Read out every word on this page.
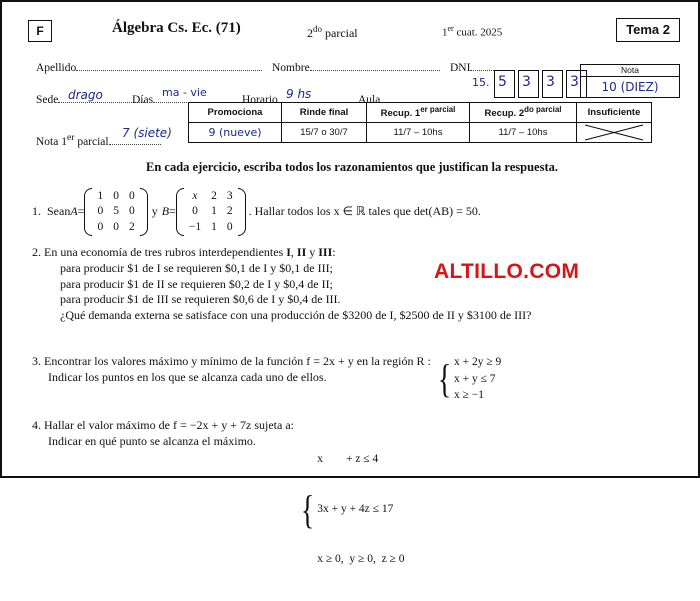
F	Álgebra Cs. Ec. (71)	$2^{do}$ parcial	1er cuat. 2025	Tema 2
Apellido	Nombre	DNI
15. 5 3 3 3
Nota
10 (DIEZ)
Sede drago	Días
ma - vie
Horario 9 hs	Aula
Nota 1er parcial
7 (siete)
Promociona	Rinde final	Recup. $1^{er parcial}$	Recup. $2^{do parcial}$	Insuficiente
9 (nueve)	15/7 o 30/7	11/7 – 10hs	11/7 – 10hs	
En cada ejercicio, escriba todos los razonamientos que justifican la respuesta.
ALTILLO.COM
1. Sean A =
1	0	0
0	5	0
0	0	2
y B =
x	2	3
0	1	2
−1	1	0
. Hallar todos los x ∈ ℝ tales que det(AB) = 50.
2. En una economía de tres rubros interdependientes I, II y III:
para producir $1 de I se requieren $0,1 de I y $0,1 de III;
para producir $1 de II se requieren $0,2 de I y $0,4 de II;
para producir $1 de III se requieren $0,6 de I y $0,4 de III.
¿Qué demanda externa se satisface con una producción de $3200 de I, $2500 de II y $3100 de III?
3. Encontrar los valores máximo y mínimo de la función f = 2x + y en la región R :
Indicar los puntos en los que se alcanza cada uno de ellos.	{ x + 2y ≥ 9
x + y ≤ 7
x ≥ −1
4. Hallar el valor máximo de f = −2x + y + 7z sujeta a:
Indicar en qué punto se alcanza el máximo.
{

x        + z ≤ 4

3x + y + 4z ≤ 17

x ≥ 0,  y ≥ 0,  z ≥ 0
